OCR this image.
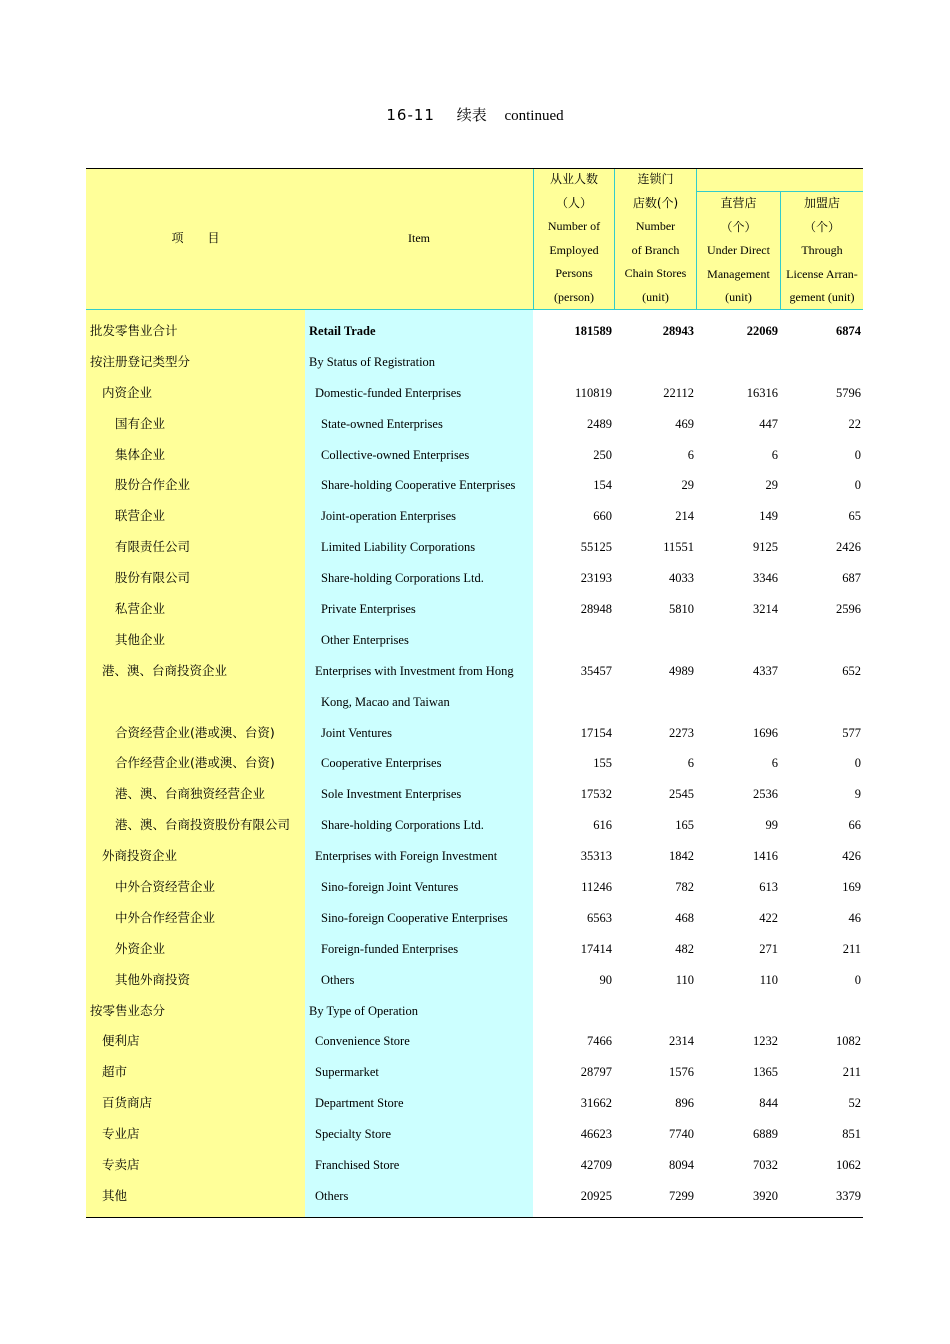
16-11 续表 continued
项　　目	Item
从业人数
（人）
Number of
Employed
Persons
(person)
连锁门
店数(个)
Number
of Branch
Chain Stores
(unit)
直营店
（个）
Under Direct
Management
(unit)
加盟店
（个）
Through
License Arran-
gement (unit)
批发零售业合计	Retail Trade	181589	28943	22069	6874
按注册登记类型分	By Status of Registration
内资企业	Domestic-funded Enterprises	110819	22112	16316	5796
国有企业	State-owned Enterprises	2489	469	447	22
集体企业	Collective-owned Enterprises	250	6	6	0
股份合作企业	Share-holding Cooperative Enterprises	154	29	29	0
联营企业	Joint-operation Enterprises	660	214	149	65
有限责任公司	Limited Liability Corporations	55125	11551	9125	2426
股份有限公司	Share-holding Corporations Ltd.	23193	4033	3346	687
私营企业	Private Enterprises	28948	5810	3214	2596
其他企业	Other Enterprises
港、澳、台商投资企业	Enterprises with Investment from Hong	35457	4989	4337	652
Kong, Macao and Taiwan
合资经营企业(港或澳、台资)	Joint Ventures	17154	2273	1696	577
合作经营企业(港或澳、台资)	Cooperative Enterprises	155	6	6	0
港、澳、台商独资经营企业	Sole Investment Enterprises	17532	2545	2536	9
港、澳、台商投资股份有限公司 Share-holding Corporations Ltd.	616	165	99	66
外商投资企业	Enterprises with Foreign Investment	35313	1842	1416	426
中外合资经营企业	Sino-foreign Joint Ventures	11246	782	613	169
中外合作经营企业	Sino-foreign Cooperative Enterprises	6563	468	422	46
外资企业	Foreign-funded Enterprises	17414	482	271	211
其他外商投资	Others	90	110	110	0
按零售业态分	By Type of Operation
便利店	Convenience Store	7466	2314	1232	1082
超市	Supermarket	28797	1576	1365	211
百货商店	Department Store	31662	896	844	52
专业店	Specialty Store	46623	7740	6889	851
专卖店	Franchised Store	42709	8094	7032	1062
其他	Others	20925	7299	3920	3379
